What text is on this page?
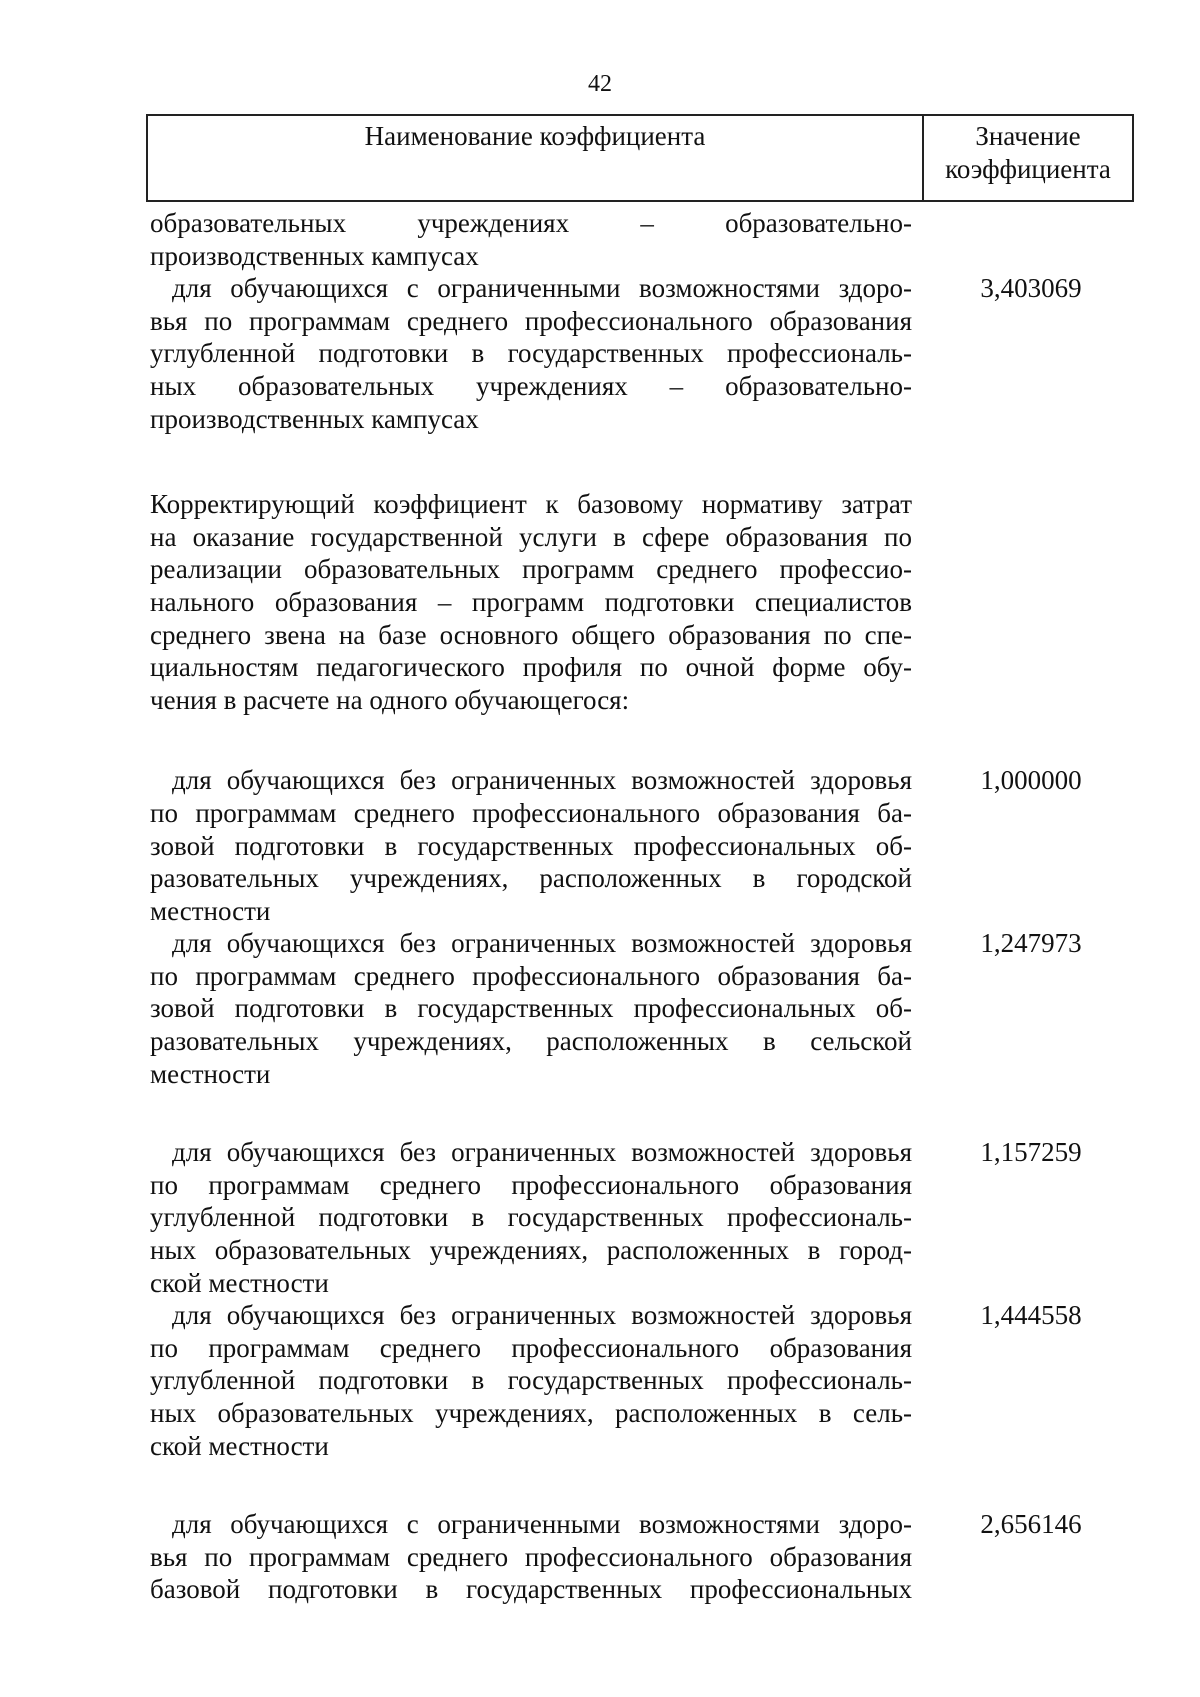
42
Наименование коэффициента	Значение
коэффициента
образовательных учреждениях – образовательно-
производственных кампусах
для обучающихся с ограниченными возможностями здоро-
вья по программам среднего профессионального образования
углубленной подготовки в государственных профессиональ-
ных образовательных учреждениях – образовательно-
производственных кампусах
3,403069
Корректирующий коэффициент к базовому нормативу затрат
на оказание государственной услуги в сфере образования по
реализации образовательных программ среднего профессио-
нального образования – программ подготовки специалистов
среднего звена на базе основного общего образования по спе-
циальностям педагогического профиля по очной форме обу-
чения в расчете на одного обучающегося:
для обучающихся без ограниченных возможностей здоровья
по программам среднего профессионального образования ба-
зовой подготовки в государственных профессиональных об-
разовательных учреждениях, расположенных в городской
местности
1,000000
для обучающихся без ограниченных возможностей здоровья
по программам среднего профессионального образования ба-
зовой подготовки в государственных профессиональных об-
разовательных учреждениях, расположенных в сельской
местности
1,247973
для обучающихся без ограниченных возможностей здоровья
по программам среднего профессионального образования
углубленной подготовки в государственных профессиональ-
ных образовательных учреждениях, расположенных в город-
ской местности
1,157259
для обучающихся без ограниченных возможностей здоровья
по программам среднего профессионального образования
углубленной подготовки в государственных профессиональ-
ных образовательных учреждениях, расположенных в сель-
ской местности
1,444558
для обучающихся с ограниченными возможностями здоро-
вья по программам среднего профессионального образования
базовой подготовки в государственных профессиональных
2,656146
